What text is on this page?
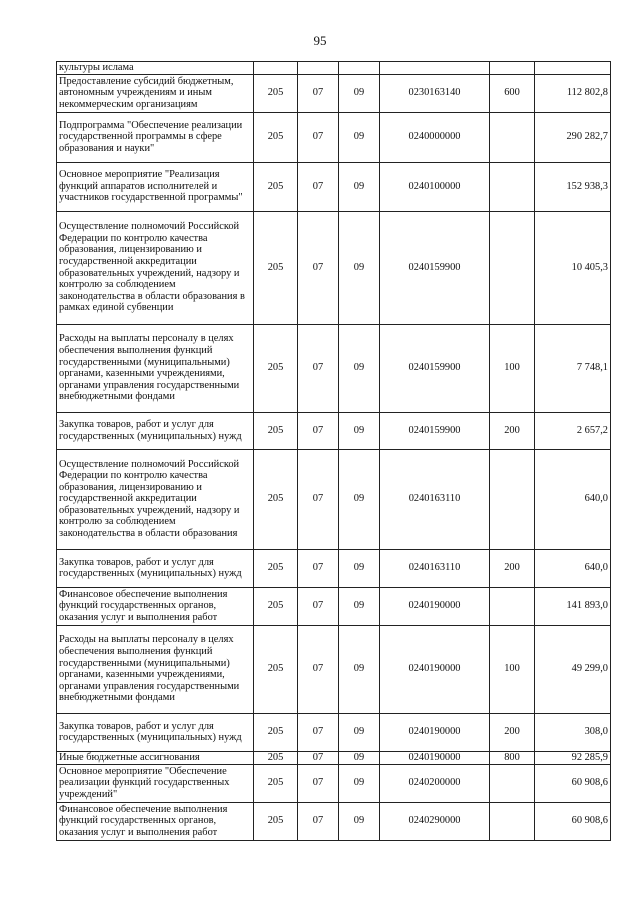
95
культуры ислама						
Предоставление субсидий бюджетным, автономным учреждениям и иным некоммерческим организациям	205	07	09	0230163140	600	112 802,8
Подпрограмма "Обеспечение реализации государственной программы в сфере образования и науки"	205	07	09	0240000000		290 282,7
Основное мероприятие "Реализация функций аппаратов исполнителей и участников государственной программы"	205	07	09	0240100000		152 938,3
Осуществление полномочий Российской Федерации по контролю качества образования, лицензированию и государственной аккредитации образовательных учреждений, надзору и контролю за соблюдением законодательства в области образования в рамках единой субвенции	205	07	09	0240159900		10 405,3
Расходы на выплаты персоналу в целях обеспечения выполнения функций государственными (муниципальными) органами, казенными учреждениями, органами управления государственными внебюджетными фондами	205	07	09	0240159900	100	7 748,1
Закупка товаров, работ и услуг для государственных (муниципальных) нужд	205	07	09	0240159900	200	2 657,2
Осуществление полномочий Российской Федерации по контролю качества образования, лицензированию и государственной аккредитации образовательных учреждений, надзору и контролю за соблюдением законодательства в области образования	205	07	09	0240163110		640,0
Закупка товаров, работ и услуг для государственных (муниципальных) нужд	205	07	09	0240163110	200	640,0
Финансовое обеспечение выполнения функций государственных органов, оказания услуг и выполнения работ	205	07	09	0240190000		141 893,0
Расходы на выплаты персоналу в целях обеспечения выполнения функций государственными (муниципальными) органами, казенными учреждениями, органами управления государственными внебюджетными фондами	205	07	09	0240190000	100	49 299,0
Закупка товаров, работ и услуг для государственных (муниципальных) нужд	205	07	09	0240190000	200	308,0
Иные бюджетные ассигнования	205	07	09	0240190000	800	92 285,9
Основное мероприятие "Обеспечение реализации функций государственных учреждений"	205	07	09	0240200000		60 908,6
Финансовое обеспечение выполнения функций государственных органов, оказания услуг и выполнения работ	205	07	09	0240290000		60 908,6
